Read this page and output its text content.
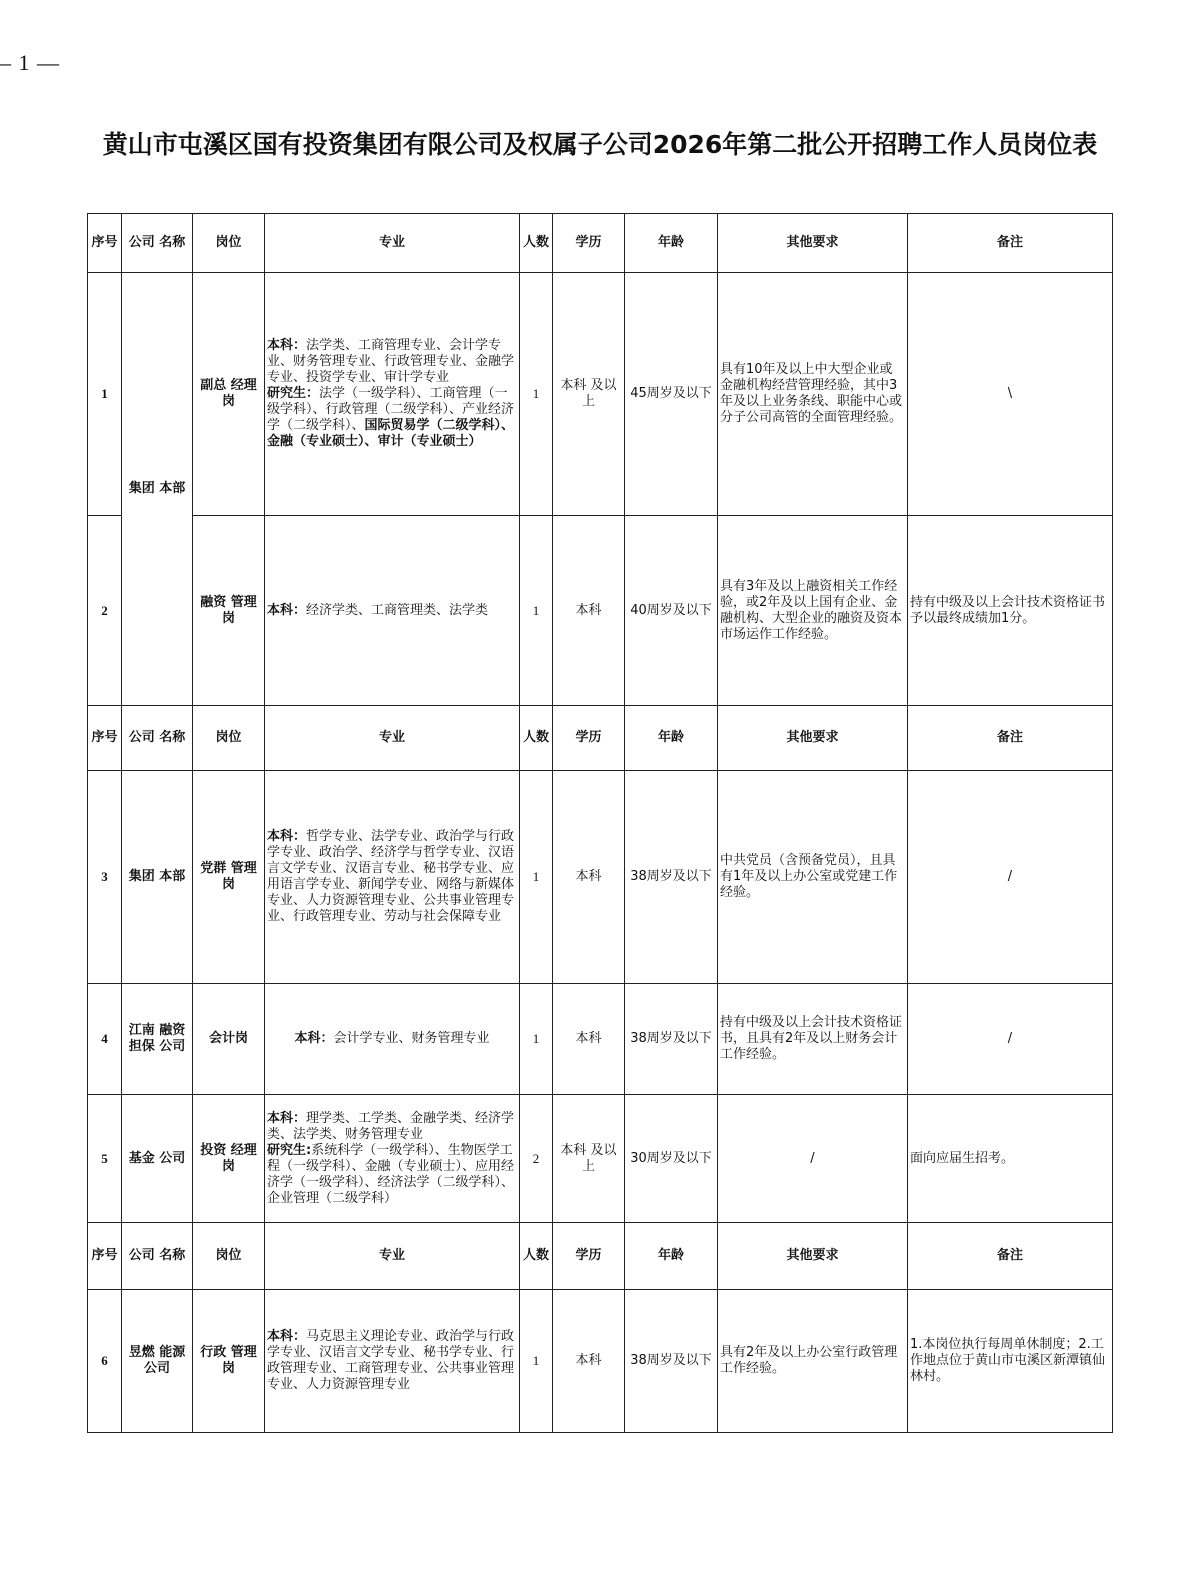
– 1 —
黄山市屯溪区国有投资集团有限公司及权属子公司2026年第二批公开招聘工作人员岗位表
序号	公司 名称	岗位	专业	人数	学历	年龄	其他要求	备注
1	集团 本部	副总 经理岗	本科：法学类、工商管理专业、会计学专业、财务管理专业、行政管理专业、金融学专业、投资学专业、审计学专业
研究生：法学（一级学科）、工商管理（一级学科）、行政管理（二级学科）、产业经济学（二级学科）、国际贸易学（二级学科）、金融（专业硕士）、审计（专业硕士）	1	本科 及以上	45周岁及以下	具有10年及以上中大型企业或金融机构经营管理经验，其中3年及以上业务条线、职能中心或分子公司高管的全面管理经验。	\
2		融资 管理岗	本科：经济学类、工商管理类、法学类	1	本科	40周岁及以下	具有3年及以上融资相关工作经验，或2年及以上国有企业、金融机构、大型企业的融资及资本市场运作工作经验。	持有中级及以上会计技术资格证书予以最终成绩加1分。
序号	公司 名称	岗位	专业	人数	学历	年龄	其他要求	备注
3	集团 本部	党群 管理岗	本科：哲学专业、法学专业、政治学与行政学专业、政治学、经济学与哲学专业、汉语言文学专业、汉语言专业、秘书学专业、应用语言学专业、新闻学专业、网络与新媒体专业、人力资源管理专业、公共事业管理专业、行政管理专业、劳动与社会保障专业	1	本科	38周岁及以下	中共党员（含预备党员），且具有1年及以上办公室或党建工作经验。	/
4	江南 融资担保 公司	会计岗	本科：会计学专业、财务管理专业	1	本科	38周岁及以下	持有中级及以上会计技术资格证书，且具有2年及以上财务会计工作经验。	/
5	基金 公司	投资 经理岗	本科：理学类、工学类、金融学类、经济学类、法学类、财务管理专业
研究生:系统科学（一级学科）、生物医学工程（一级学科）、金融（专业硕士）、应用经济学（一级学科）、经济法学（二级学科）、企业管理（二级学科）	2	本科 及以上	30周岁及以下	/	面向应届生招考。
序号	公司 名称	岗位	专业	人数	学历	年龄	其他要求	备注
6	昱燃 能源 公司	行政 管理岗	本科：马克思主义理论专业、政治学与行政学专业、汉语言文学专业、秘书学专业、行政管理专业、工商管理专业、公共事业管理专业、人力资源管理专业	1	本科	38周岁及以下	具有2年及以上办公室行政管理工作经验。	1.本岗位执行每周单休制度；2.工作地点位于黄山市屯溪区新潭镇仙林村。
